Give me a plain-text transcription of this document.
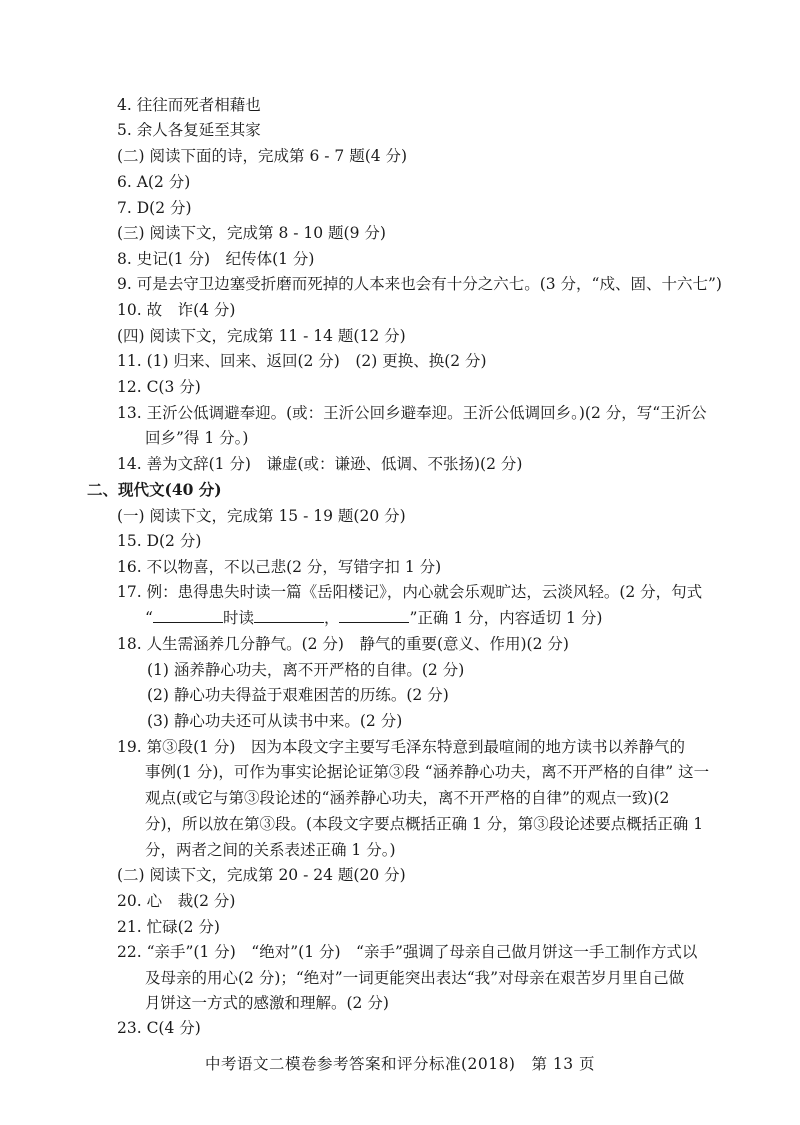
4. 往往而死者相藉也
5. 余人各复延至其家
(二) 阅读下面的诗，完成第 6 - 7 题(4 分)
6. A(2 分)
7. D(2 分)
(三) 阅读下文，完成第 8 - 10 题(9 分)
8. 史记(1 分)　纪传体(1 分)
9. 可是去守卫边塞受折磨而死掉的人本来也会有十分之六七。(3 分，“戍、固、十六七”)
10. 故　诈(4 分)
(四) 阅读下文，完成第 11 - 14 题(12 分)
11. (1) 归来、回来、返回(2 分)　(2) 更换、换(2 分)
12. C(3 分)
13. 王沂公低调避奉迎。(或：王沂公回乡避奉迎。王沂公低调回乡。)(2 分，写“王沂公
回乡”得 1 分。)
14. 善为文辞(1 分)　谦虚(或：谦逊、低调、不张扬)(2 分)
二、现代文(40 分)
(一) 阅读下文，完成第 15 - 19 题(20 分)
15. D(2 分)
16. 不以物喜，不以己悲(2 分，写错字扣 1 分)
17. 例：患得患失时读一篇《岳阳楼记》，内心就会乐观旷达，云淡风轻。(2 分，句式
“	时读	，	”正确 1 分，内容适切 1 分)
18. 人生需涵养几分静气。(2 分)　静气的重要(意义、作用)(2 分)
(1) 涵养静心功夫，离不开严格的自律。(2 分)
(2) 静心功夫得益于艰难困苦的历练。(2 分)
(3) 静心功夫还可从读书中来。(2 分)
19. 第③段(1 分)　因为本段文字主要写毛泽东特意到最喧闹的地方读书以养静气的
事例(1 分)，可作为事实论据论证第③段 “涵养静心功夫，离不开严格的自律” 这一
观点(或它与第③段论述的“涵养静心功夫，离不开严格的自律”的观点一致)(2
分)，所以放在第③段。(本段文字要点概括正确 1 分，第③段论述要点概括正确 1
分，两者之间的关系表述正确 1 分。)
(二) 阅读下文，完成第 20 - 24 题(20 分)
20. 心　裁(2 分)
21. 忙碌(2 分)
22. “亲手”(1 分)　“绝对”(1 分)　“亲手”强调了母亲自己做月饼这一手工制作方式以
及母亲的用心(2 分)；“绝对”一词更能突出表达“我”对母亲在艰苦岁月里自己做
月饼这一方式的感激和理解。(2 分)
23. C(4 分)
中考语文二模卷参考答案和评分标准(2018)　第 13 页
